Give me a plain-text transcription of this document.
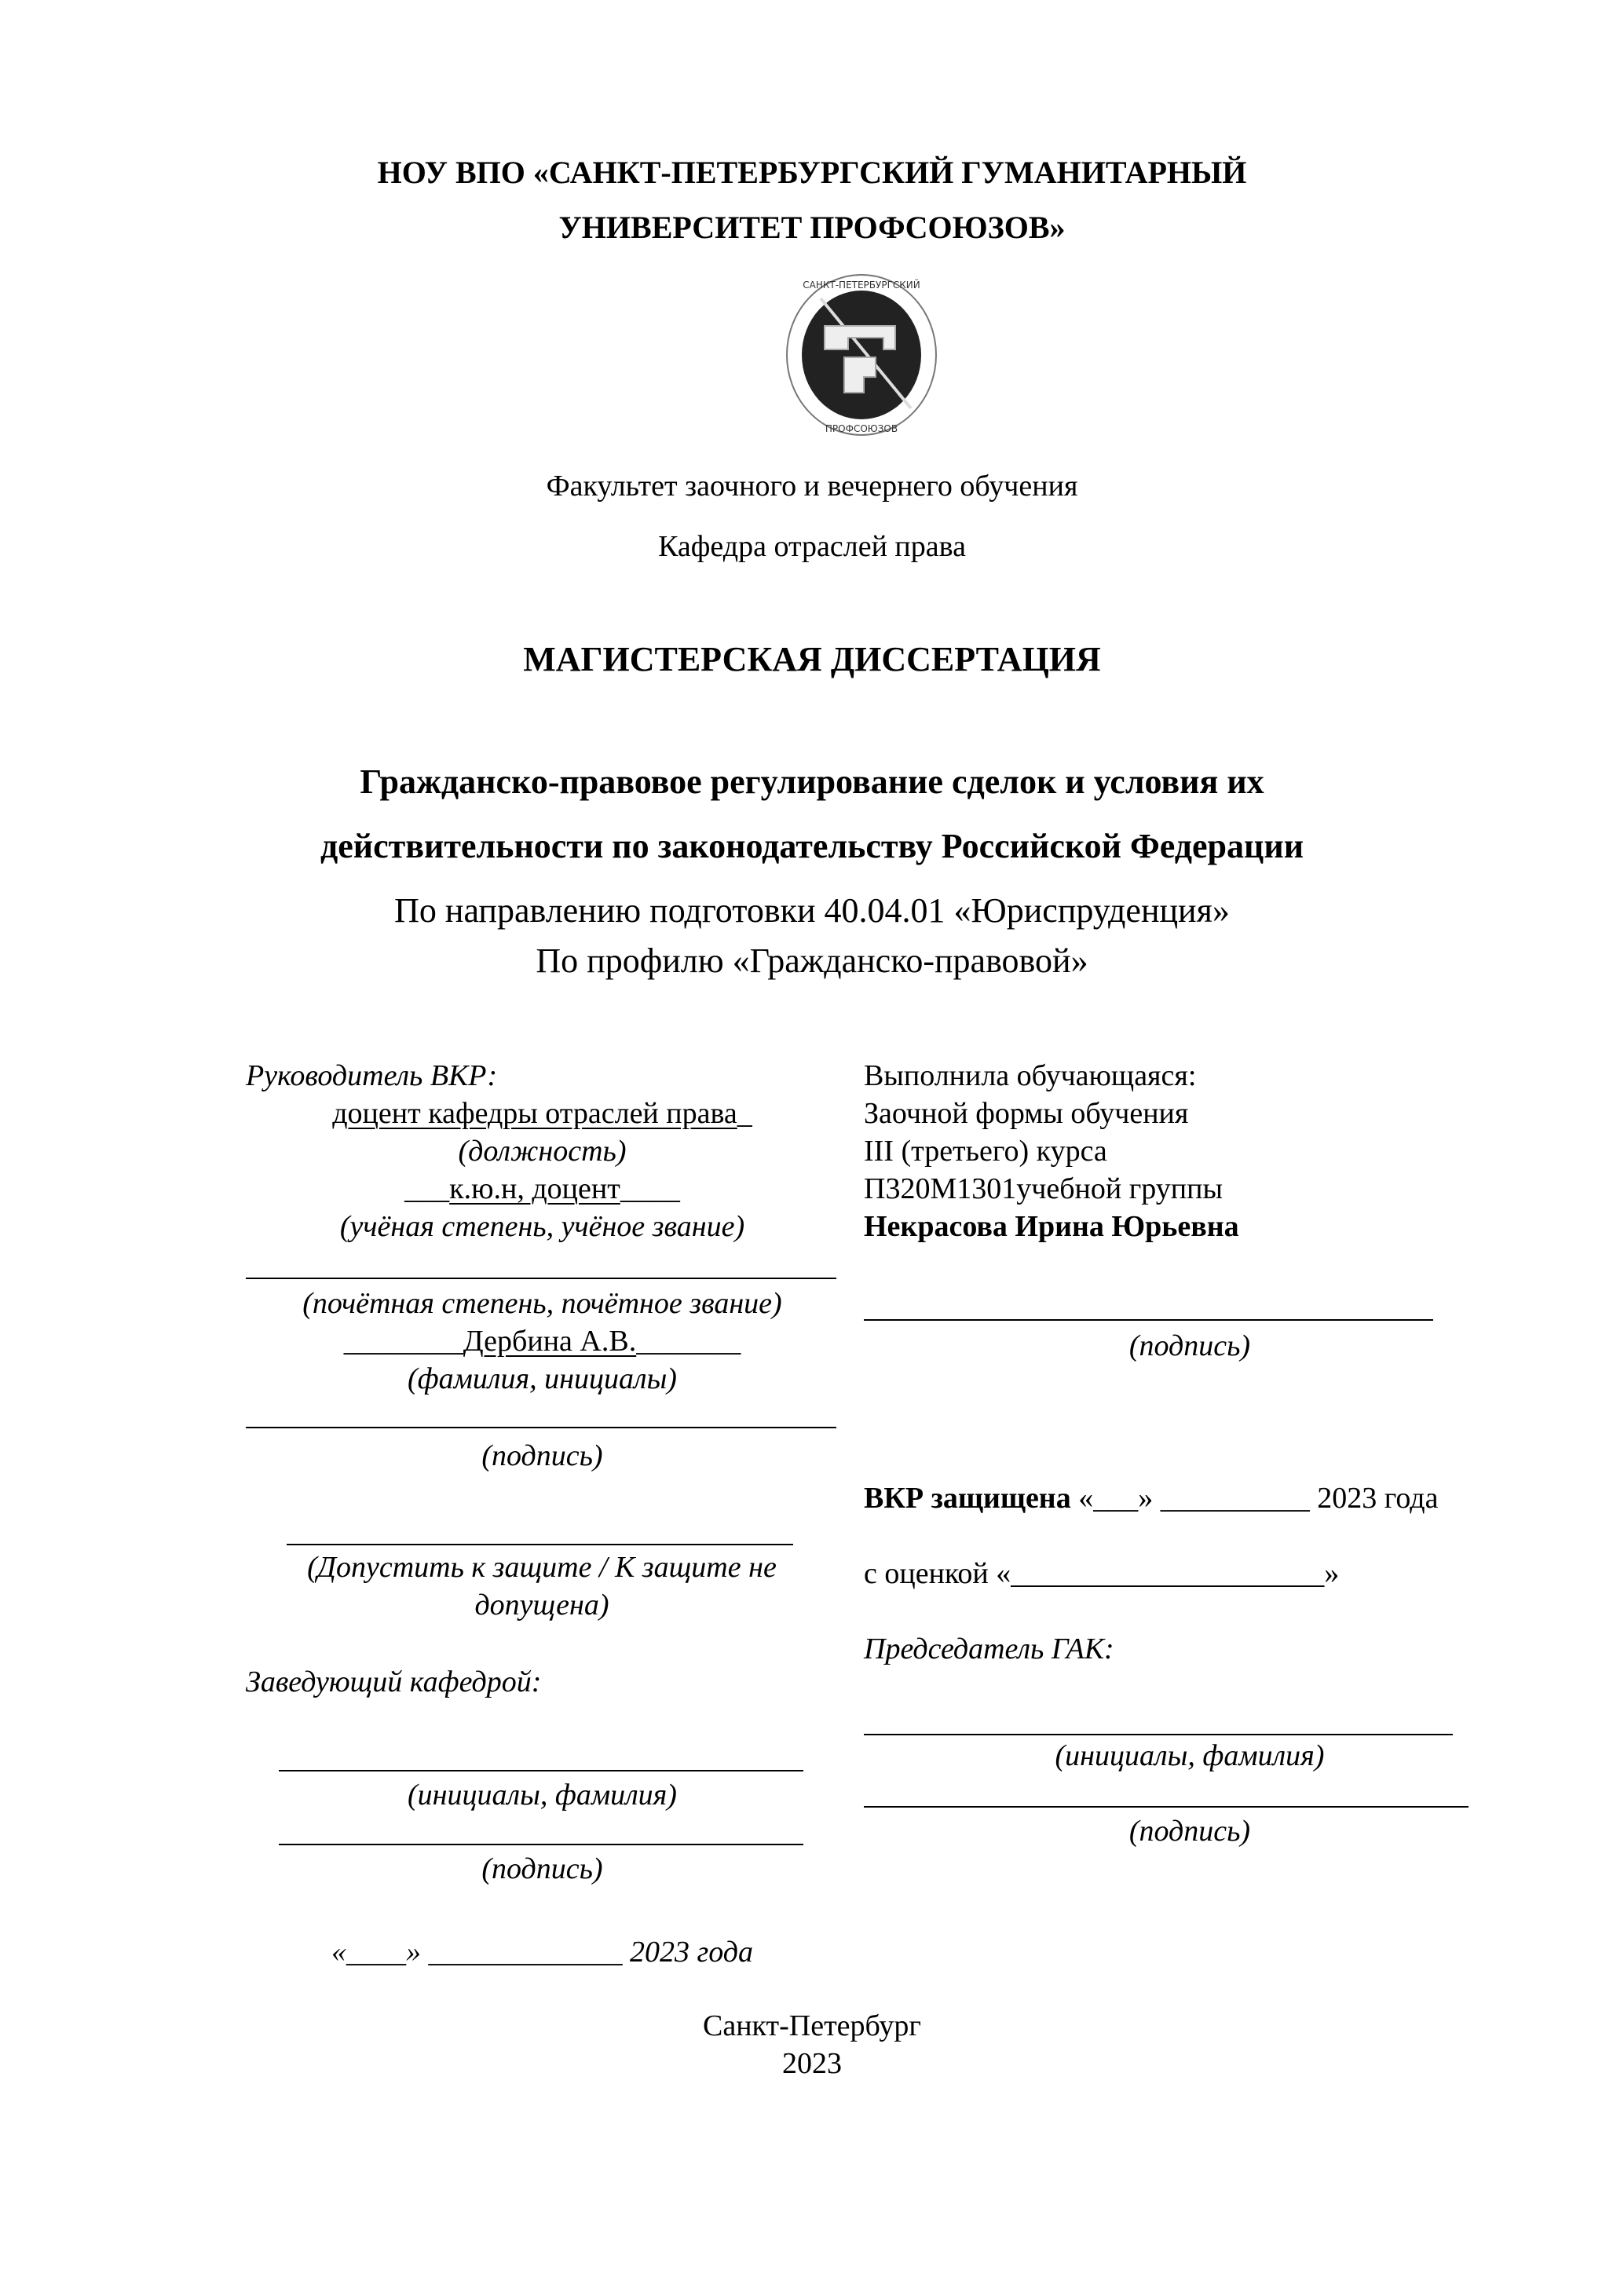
НОУ ВПО «САНКТ-ПЕТЕРБУРГСКИЙ ГУМАНИТАРНЫЙ
УНИВЕРСИТЕТ ПРОФСОЮЗОВ»
САНКТ-ПЕТЕРБУРГСКИЙ
ПРОФСОЮЗОВ
Факультет заочного и вечернего обучения
Кафедра отраслей права
МАГИСТЕРСКАЯ ДИССЕРТАЦИЯ
Гражданско-правовое регулирование сделок и условия их
действительности по законодательству Российской Федерации
По направлению подготовки 40.04.01 «Юриспруденция»
По профилю «Гражданско-правовой»
Руководитель ВКР:
доцент кафедры отраслей права_
(должность)
___к.ю.н, доцент____
(учёная степень, учёное звание)
(почётная степень, почётное звание)
________Дербина А.В._______
(фамилия, инициалы)
(подпись)
(Допустить к защите / К защите не допущена)
Заведующий кафедрой:
(инициалы, фамилия)
(подпись)
«____» _____________ 2023 года
Выполнила обучающаяся:
Заочной формы обучения
III (третьего) курса
П320М1301учебной группы
Некрасова Ирина Юрьевна
(подпись)
ВКР защищена «___» __________ 2023 года
с оценкой «_____________________»
Председатель ГАК:
(инициалы, фамилия)
(подпись)
Санкт-Петербург
2023
